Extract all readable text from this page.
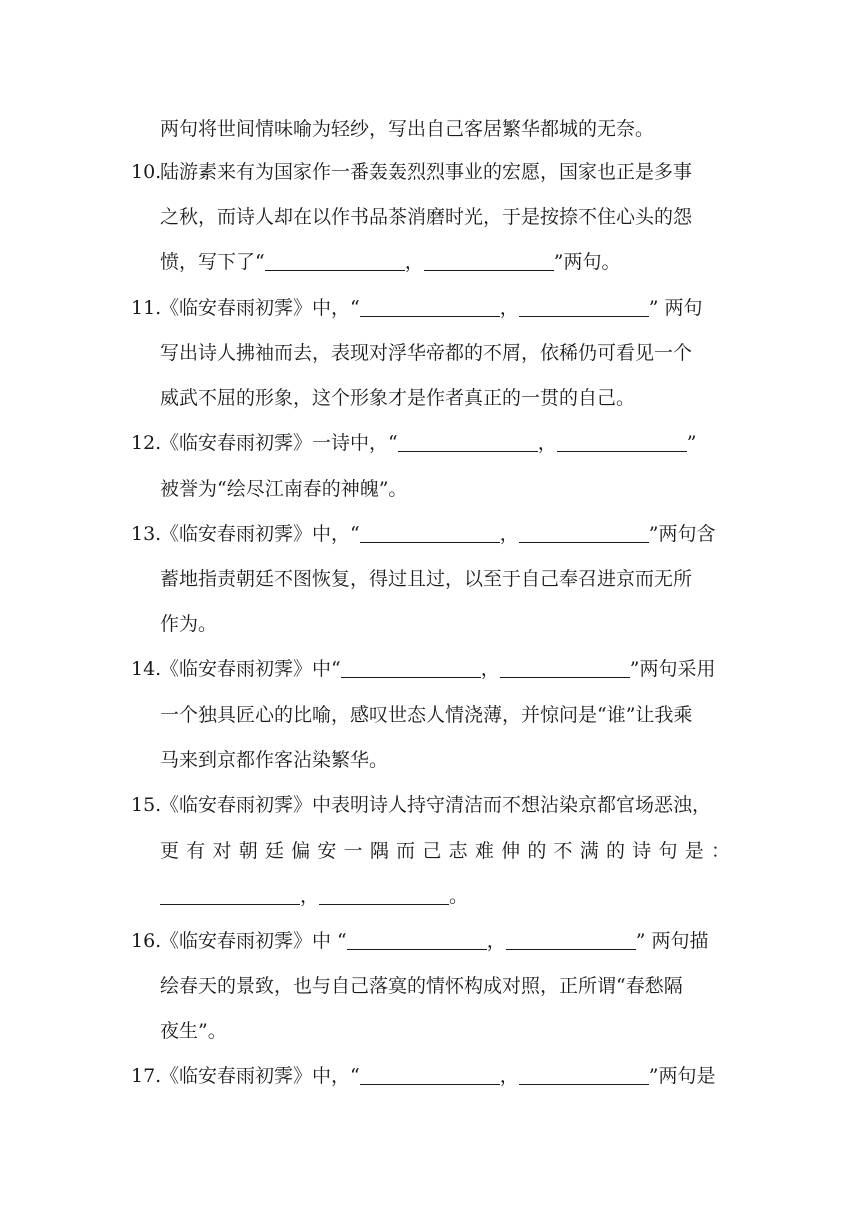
两句将世间情味喻为轻纱，写出自己客居繁华都城的无奈。
10.陆游素来有为国家作一番轰轰烈烈事业的宏愿，国家也正是多事
之秋，而诗人却在以作书品茶消磨时光，于是按捺不住心头的怨
愤，写下了“	，	”两句。
11.《临安春雨初霁》中，“	，	” 两句
写出诗人拂袖而去，表现对浮华帝都的不屑，依稀仍可看见一个
威武不屈的形象，这个形象才是作者真正的一贯的自己。
12.《临安春雨初霁》一诗中，“	，	”
被誉为“绘尽江南春的神魄”。
13.《临安春雨初霁》中，“	，	”两句含
蓄地指责朝廷不图恢复，得过且过，以至于自己奉召进京而无所
作为。
14.《临安春雨初霁》中“	，	”两句采用
一个独具匠心的比喻，感叹世态人情浇薄，并惊问是“谁”让我乘
马来到京都作客沾染繁华。
15.《临安春雨初霁》中表明诗人持守清洁而不想沾染京都官场恶浊，
更有对朝廷偏安一隅而己志难伸的不满的诗句是：
，	。
16.《临安春雨初霁》中 “	，	” 两句描
绘春天的景致，也与自己落寞的情怀构成对照，正所谓“春愁隔
夜生”。
17.《临安春雨初霁》中，“	，	”两句是
